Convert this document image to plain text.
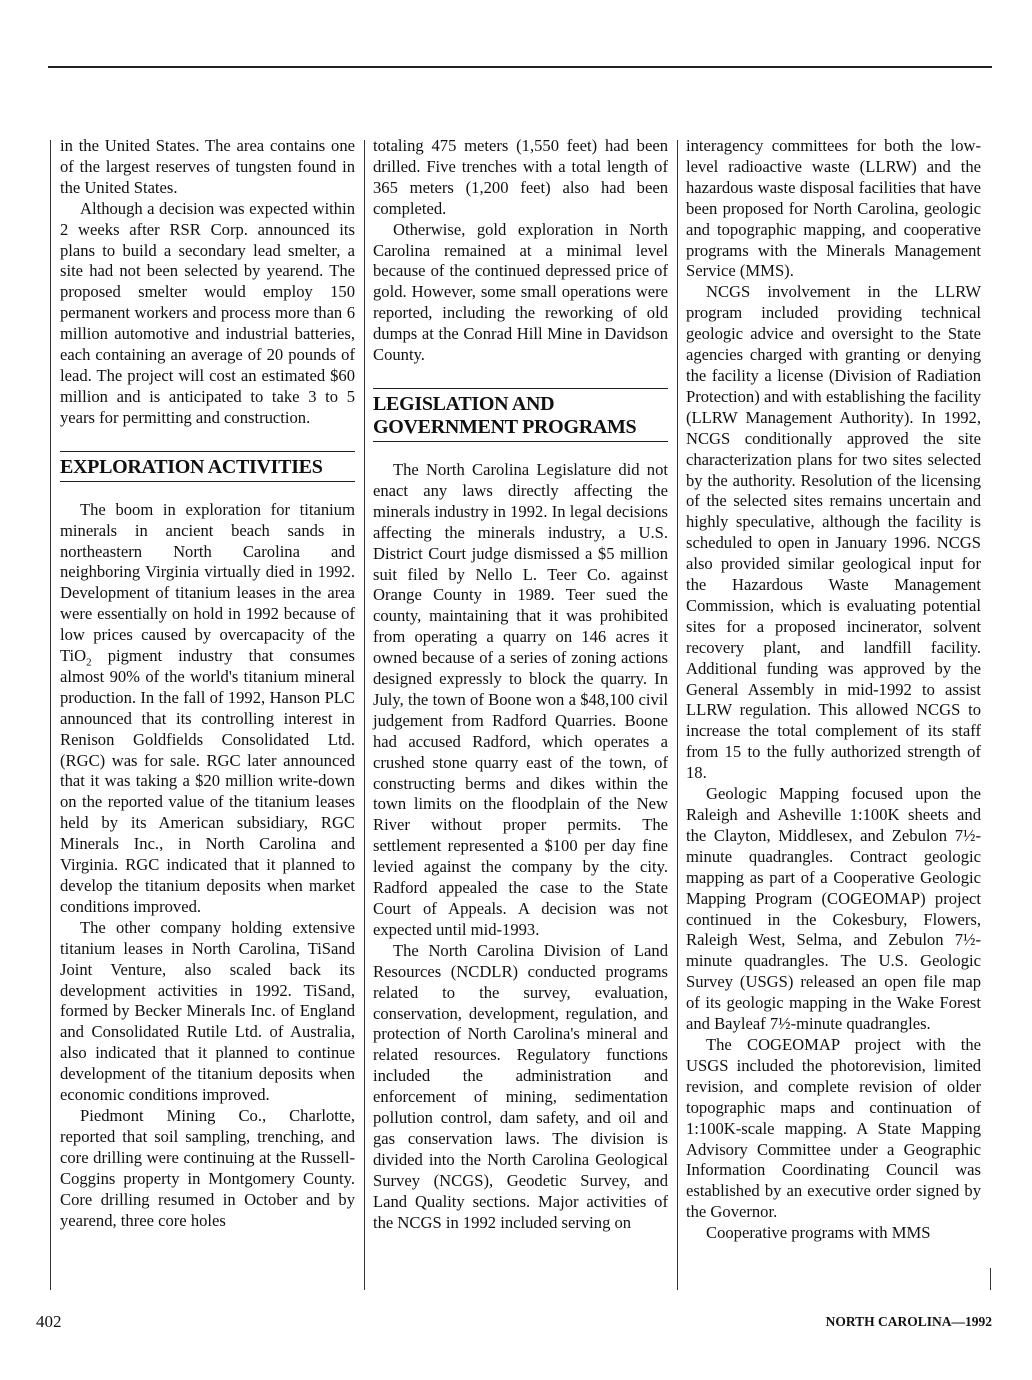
in the United States. The area contains one of the largest reserves of tungsten found in the United States.

Although a decision was expected within 2 weeks after RSR Corp. announced its plans to build a secondary lead smelter, a site had not been selected by yearend. The proposed smelter would employ 150 permanent workers and process more than 6 million automotive and industrial batteries, each containing an average of 20 pounds of lead. The project will cost an estimated $60 million and is anticipated to take 3 to 5 years for permitting and construction.

EXPLORATION ACTIVITIES

The boom in exploration for titanium minerals in ancient beach sands in northeastern North Carolina and neighboring Virginia virtually died in 1992. Development of titanium leases in the area were essentially on hold in 1992 because of low prices caused by overcapacity of the TiO$_2$ pigment industry that consumes almost 90% of the world's titanium mineral production. In the fall of 1992, Hanson PLC announced that its controlling interest in Renison Goldfields Consolidated Ltd. (RGC) was for sale. RGC later announced that it was taking a $20 million write-down on the reported value of the titanium leases held by its American subsidiary, RGC Minerals Inc., in North Carolina and Virginia. RGC indicated that it planned to develop the titanium deposits when market conditions improved.

The other company holding extensive titanium leases in North Carolina, TiSand Joint Venture, also scaled back its development activities in 1992. TiSand, formed by Becker Minerals Inc. of England and Consolidated Rutile Ltd. of Australia, also indicated that it planned to continue development of the titanium deposits when economic conditions improved.

Piedmont Mining Co., Charlotte, reported that soil sampling, trenching, and core drilling were continuing at the Russell-Coggins property in Montgomery County. Core drilling resumed in October and by yearend, three core holes

totaling 475 meters (1,550 feet) had been drilled. Five trenches with a total length of 365 meters (1,200 feet) also had been completed.

Otherwise, gold exploration in North Carolina remained at a minimal level because of the continued depressed price of gold. However, some small operations were reported, including the reworking of old dumps at the Conrad Hill Mine in Davidson County.

LEGISLATION AND GOVERNMENT PROGRAMS

The North Carolina Legislature did not enact any laws directly affecting the minerals industry in 1992. In legal decisions affecting the minerals industry, a U.S. District Court judge dismissed a $5 million suit filed by Nello L. Teer Co. against Orange County in 1989. Teer sued the county, maintaining that it was prohibited from operating a quarry on 146 acres it owned because of a series of zoning actions designed expressly to block the quarry. In July, the town of Boone won a $48,100 civil judgement from Radford Quarries. Boone had accused Radford, which operates a crushed stone quarry east of the town, of constructing berms and dikes within the town limits on the floodplain of the New River without proper permits. The settlement represented a $100 per day fine levied against the company by the city. Radford appealed the case to the State Court of Appeals. A decision was not expected until mid-1993.

The North Carolina Division of Land Resources (NCDLR) conducted programs related to the survey, evaluation, conservation, development, regulation, and protection of North Carolina's mineral and related resources. Regulatory functions included the administration and enforcement of mining, sedimentation pollution control, dam safety, and oil and gas conservation laws. The division is divided into the North Carolina Geological Survey (NCGS), Geodetic Survey, and Land Quality sections. Major activities of the NCGS in 1992 included serving on

interagency committees for both the low-level radioactive waste (LLRW) and the hazardous waste disposal facilities that have been proposed for North Carolina, geologic and topographic mapping, and cooperative programs with the Minerals Management Service (MMS).

NCGS involvement in the LLRW program included providing technical geologic advice and oversight to the State agencies charged with granting or denying the facility a license (Division of Radiation Protection) and with establishing the facility (LLRW Management Authority). In 1992, NCGS conditionally approved the site characterization plans for two sites selected by the authority. Resolution of the licensing of the selected sites remains uncertain and highly speculative, although the facility is scheduled to open in January 1996. NCGS also provided similar geological input for the Hazardous Waste Management Commission, which is evaluating potential sites for a proposed incinerator, solvent recovery plant, and landfill facility. Additional funding was approved by the General Assembly in mid-1992 to assist LLRW regulation. This allowed NCGS to increase the total complement of its staff from 15 to the fully authorized strength of 18.

Geologic Mapping focused upon the Raleigh and Asheville 1:100K sheets and the Clayton, Middlesex, and Zebulon 7½-minute quadrangles. Contract geologic mapping as part of a Cooperative Geologic Mapping Program (COGEOMAP) project continued in the Cokesbury, Flowers, Raleigh West, Selma, and Zebulon 7½-minute quadrangles. The U.S. Geologic Survey (USGS) released an open file map of its geologic mapping in the Wake Forest and Bayleaf 7½-minute quadrangles.

The COGEOMAP project with the USGS included the photorevision, limited revision, and complete revision of older topographic maps and continuation of 1:100K-scale mapping. A State Mapping Advisory Committee under a Geographic Information Coordinating Council was established by an executive order signed by the Governor.

Cooperative programs with MMS

402	NORTH CAROLINA—1992
